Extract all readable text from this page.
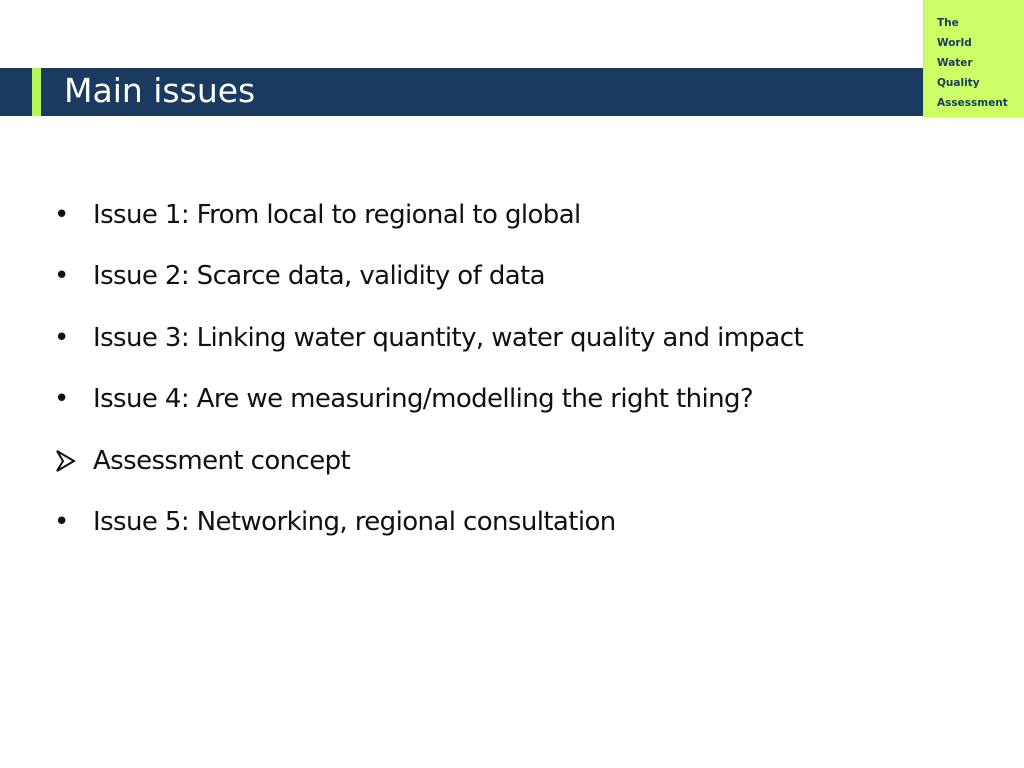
Main issues
The
World
Water
Quality
Assessment
• Issue 1: From local to regional to global
• Issue 2: Scarce data, validity of data
• Issue 3: Linking water quantity, water quality and impact
• Issue 4: Are we measuring/modelling the right thing?
Assessment concept
• Issue 5: Networking, regional consultation
